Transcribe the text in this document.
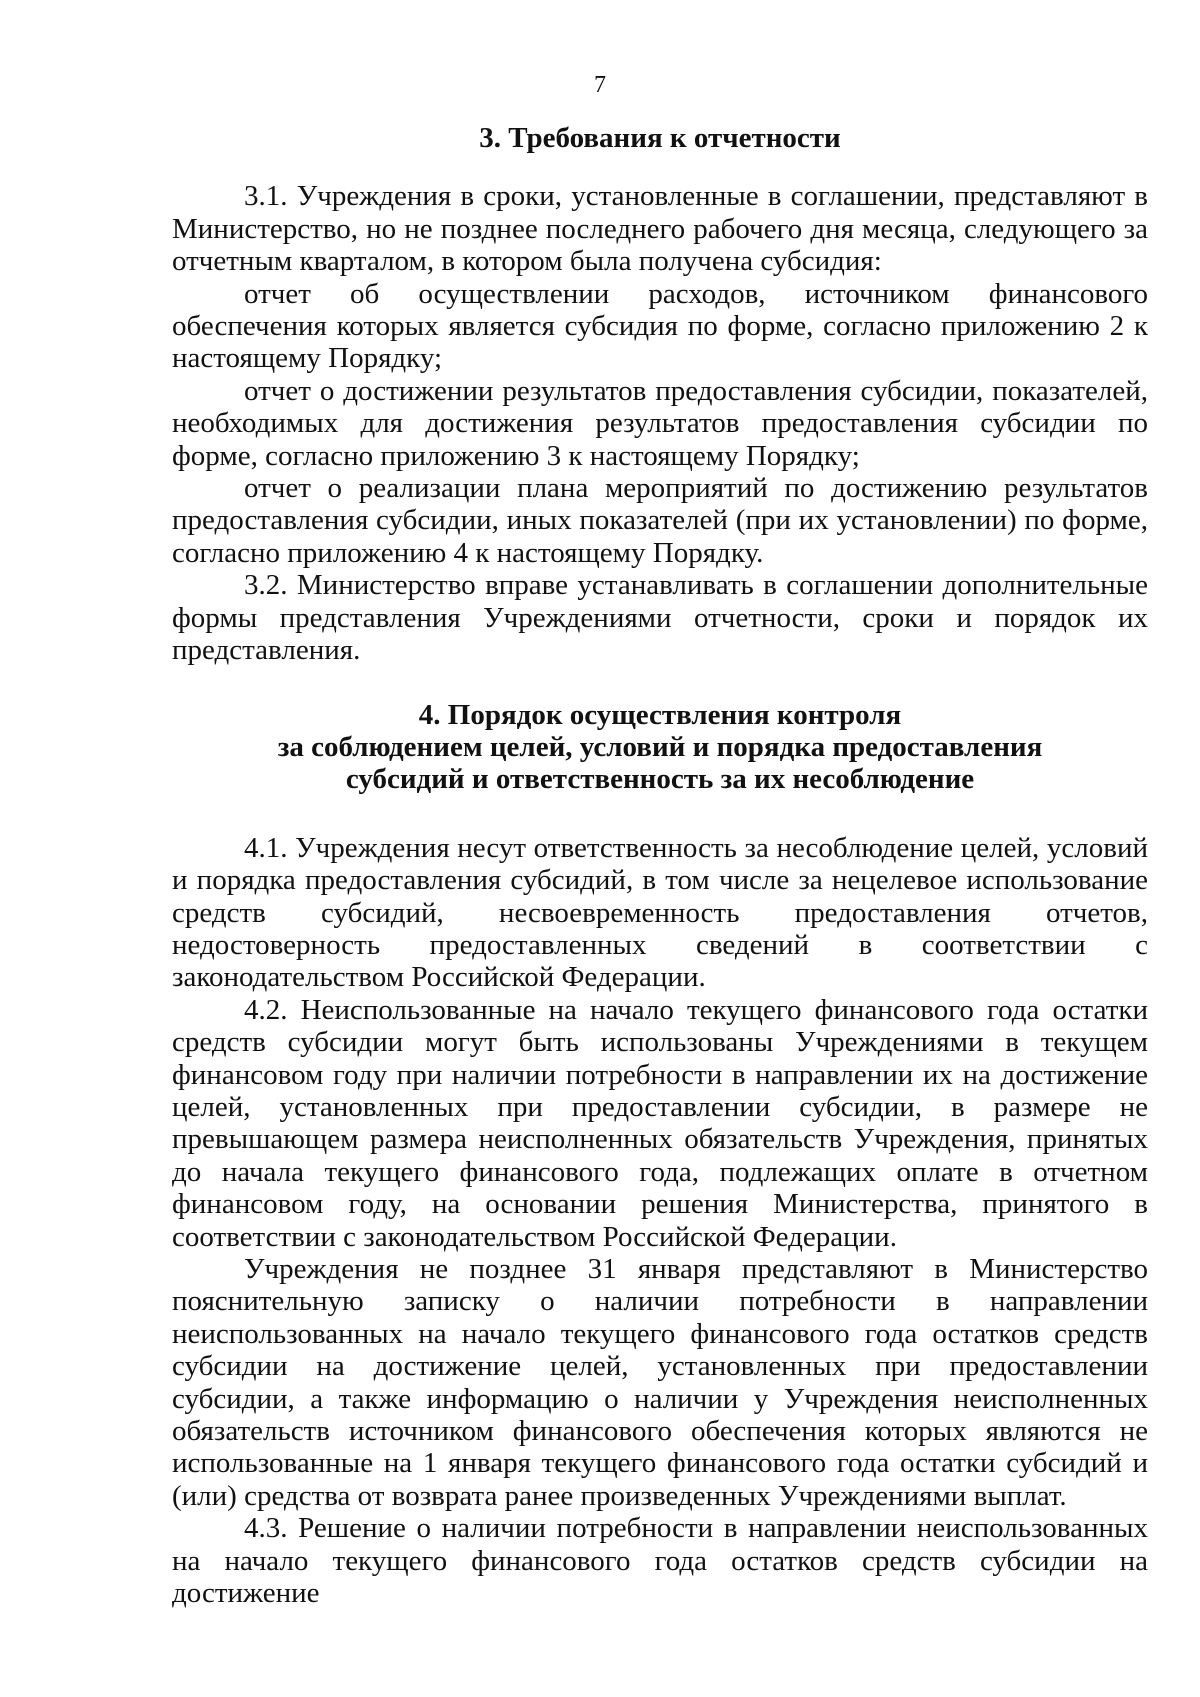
7
3. Требования к отчетности

3.1. Учреждения в сроки, установленные в соглашении, представляют в Министерство, но не позднее последнего рабочего дня месяца, следующего за отчетным кварталом, в котором была получена субсидия:

отчет об осуществлении расходов, источником финансового обеспечения которых является субсидия по форме, согласно приложению 2 к настоящему Порядку;

отчет о достижении результатов предоставления субсидии, показателей, необходимых для достижения результатов предоставления субсидии по форме, согласно приложению 3 к настоящему Порядку;

отчет о реализации плана мероприятий по достижению результатов предоставления субсидии, иных показателей (при их установлении) по форме, согласно приложению 4 к настоящему Порядку.

3.2. Министерство вправе устанавливать в соглашении дополнительные формы представления Учреждениями отчетности, сроки и порядок их представления.

4. Порядок осуществления контроля
за соблюдением целей, условий и порядка предоставления
субсидий и ответственность за их несоблюдение

4.1. Учреждения несут ответственность за несоблюдение целей, условий и порядка предоставления субсидий, в том числе за нецелевое использование средств субсидий, несвоевременность предоставления отчетов, недостоверность предоставленных сведений в соответствии с законодательством Российской Федерации.

4.2. Неиспользованные на начало текущего финансового года остатки средств субсидии могут быть использованы Учреждениями в текущем финансовом году при наличии потребности в направлении их на достижение целей, установленных при предоставлении субсидии, в размере не превышающем размера неисполненных обязательств Учреждения, принятых до начала текущего финансового года, подлежащих оплате в отчетном финансовом году, на основании решения Министерства, принятого в соответствии с законодательством Российской Федерации.

Учреждения не позднее 31 января представляют в Министерство пояснительную записку о наличии потребности в направлении неиспользованных на начало текущего финансового года остатков средств субсидии на достижение целей, установленных при предоставлении субсидии, а также информацию о наличии у Учреждения неисполненных обязательств источником финансового обеспечения которых являются не использованные на 1 января текущего финансового года остатки субсидий и (или) средства от возврата ранее произведенных Учреждениями выплат.

4.3. Решение о наличии потребности в направлении неиспользованных на начало текущего финансового года остатков средств субсидии на достижение
